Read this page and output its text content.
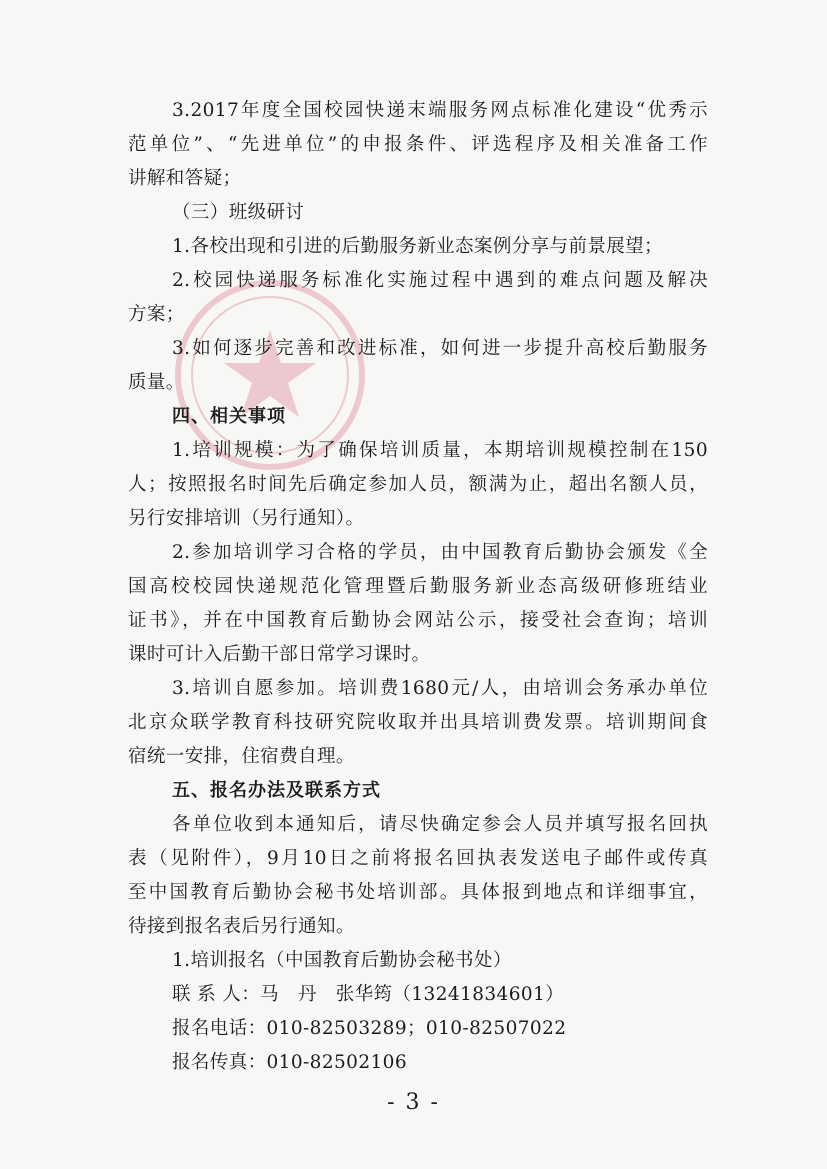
3.2017年度全国校园快递末端服务网点标准化建设“优秀示
范单位”、“先进单位”的申报条件、评选程序及相关准备工作
讲解和答疑；
（三）班级研讨
1.各校出现和引进的后勤服务新业态案例分享与前景展望；
2.校园快递服务标准化实施过程中遇到的难点问题及解决
方案；
3.如何逐步完善和改进标准，如何进一步提升高校后勤服务
质量。
四、相关事项
1.培训规模：为了确保培训质量，本期培训规模控制在150
人；按照报名时间先后确定参加人员，额满为止，超出名额人员，
另行安排培训（另行通知）。
2.参加培训学习合格的学员，由中国教育后勤协会颁发《全
国高校校园快递规范化管理暨后勤服务新业态高级研修班结业
证书》，并在中国教育后勤协会网站公示，接受社会查询；培训
课时可计入后勤干部日常学习课时。
3.培训自愿参加。培训费1680元/人，由培训会务承办单位
北京众联学教育科技研究院收取并出具培训费发票。培训期间食
宿统一安排，住宿费自理。
五、报名办法及联系方式
各单位收到本通知后，请尽快确定参会人员并填写报名回执
表（见附件），9月10日之前将报名回执表发送电子邮件或传真
至中国教育后勤协会秘书处培训部。具体报到地点和详细事宜，
待接到报名表后另行通知。
1.培训报名（中国教育后勤协会秘书处）
联 系 人：马　丹　张华筠（13241834601）
报名电话：010-82503289；010-82507022
报名传真：010-82502106
- 3 -
